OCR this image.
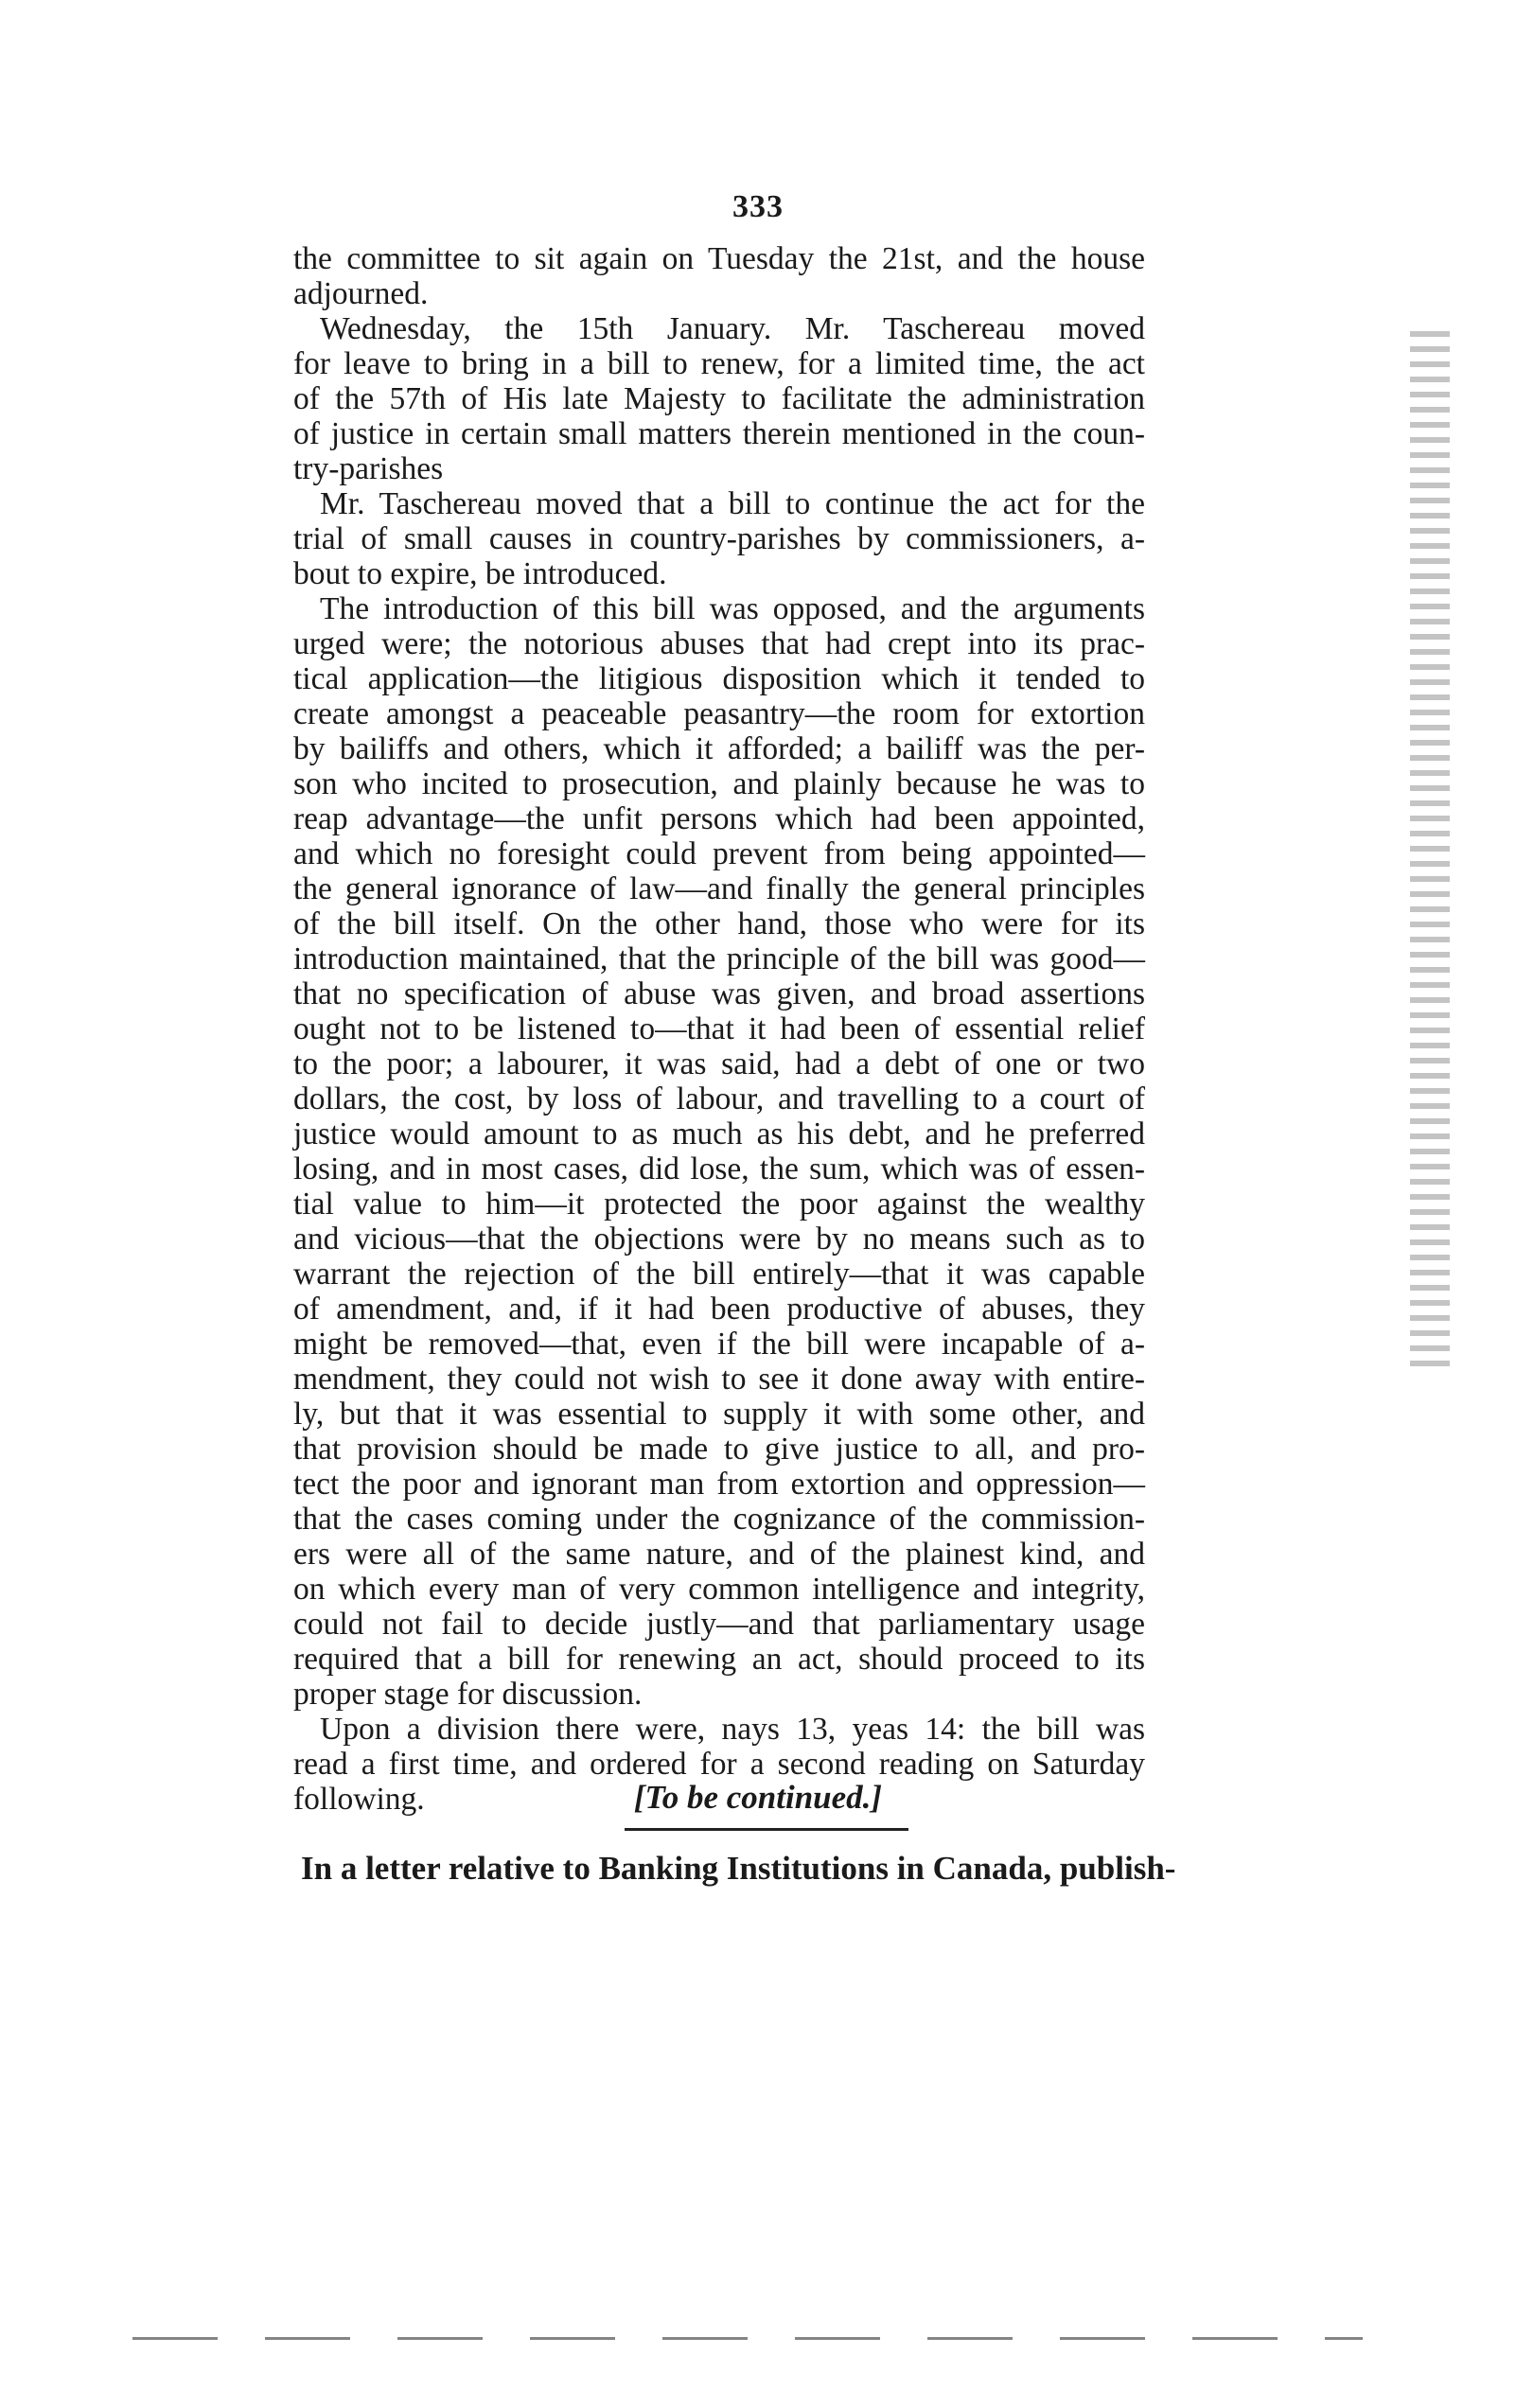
333
the committee to sit again on Tuesday the 21st, and the house
adjourned.
Wednesday, the 15th January. Mr. Taschereau moved
for leave to bring in a bill to renew, for a limited time, the act
of the 57th of His late Majesty to facilitate the administration
of justice in certain small matters therein mentioned in the coun-
try-parishes
Mr. Taschereau moved that a bill to continue the act for the
trial of small causes in country-parishes by commissioners, a-
bout to expire, be introduced.
The introduction of this bill was opposed, and the arguments
urged were; the notorious abuses that had crept into its prac-
tical application—the litigious disposition which it tended to
create amongst a peaceable peasantry—the room for extortion
by bailiffs and others, which it afforded; a bailiff was the per-
son who incited to prosecution, and plainly because he was to
reap advantage—the unfit persons which had been appointed,
and which no foresight could prevent from being appointed—
the general ignorance of law—and finally the general principles
of the bill itself. On the other hand, those who were for its
introduction maintained, that the principle of the bill was good—
that no specification of abuse was given, and broad assertions
ought not to be listened to—that it had been of essential relief
to the poor; a labourer, it was said, had a debt of one or two
dollars, the cost, by loss of labour, and travelling to a court of
justice would amount to as much as his debt, and he preferred
losing, and in most cases, did lose, the sum, which was of essen-
tial value to him—it protected the poor against the wealthy
and vicious—that the objections were by no means such as to
warrant the rejection of the bill entirely—that it was capable
of amendment, and, if it had been productive of abuses, they
might be removed—that, even if the bill were incapable of a-
mendment, they could not wish to see it done away with entire-
ly, but that it was essential to supply it with some other, and
that provision should be made to give justice to all, and pro-
tect the poor and ignorant man from extortion and oppression—
that the cases coming under the cognizance of the commission-
ers were all of the same nature, and of the plainest kind, and
on which every man of very common intelligence and integrity,
could not fail to decide justly—and that parliamentary usage
required that a bill for renewing an act, should proceed to its
proper stage for discussion.
Upon a division there were, nays 13, yeas 14: the bill was
read a first time, and ordered for a second reading on Saturday
following.	[To be continued.]
In a letter relative to Banking Institutions in Canada, publish-
